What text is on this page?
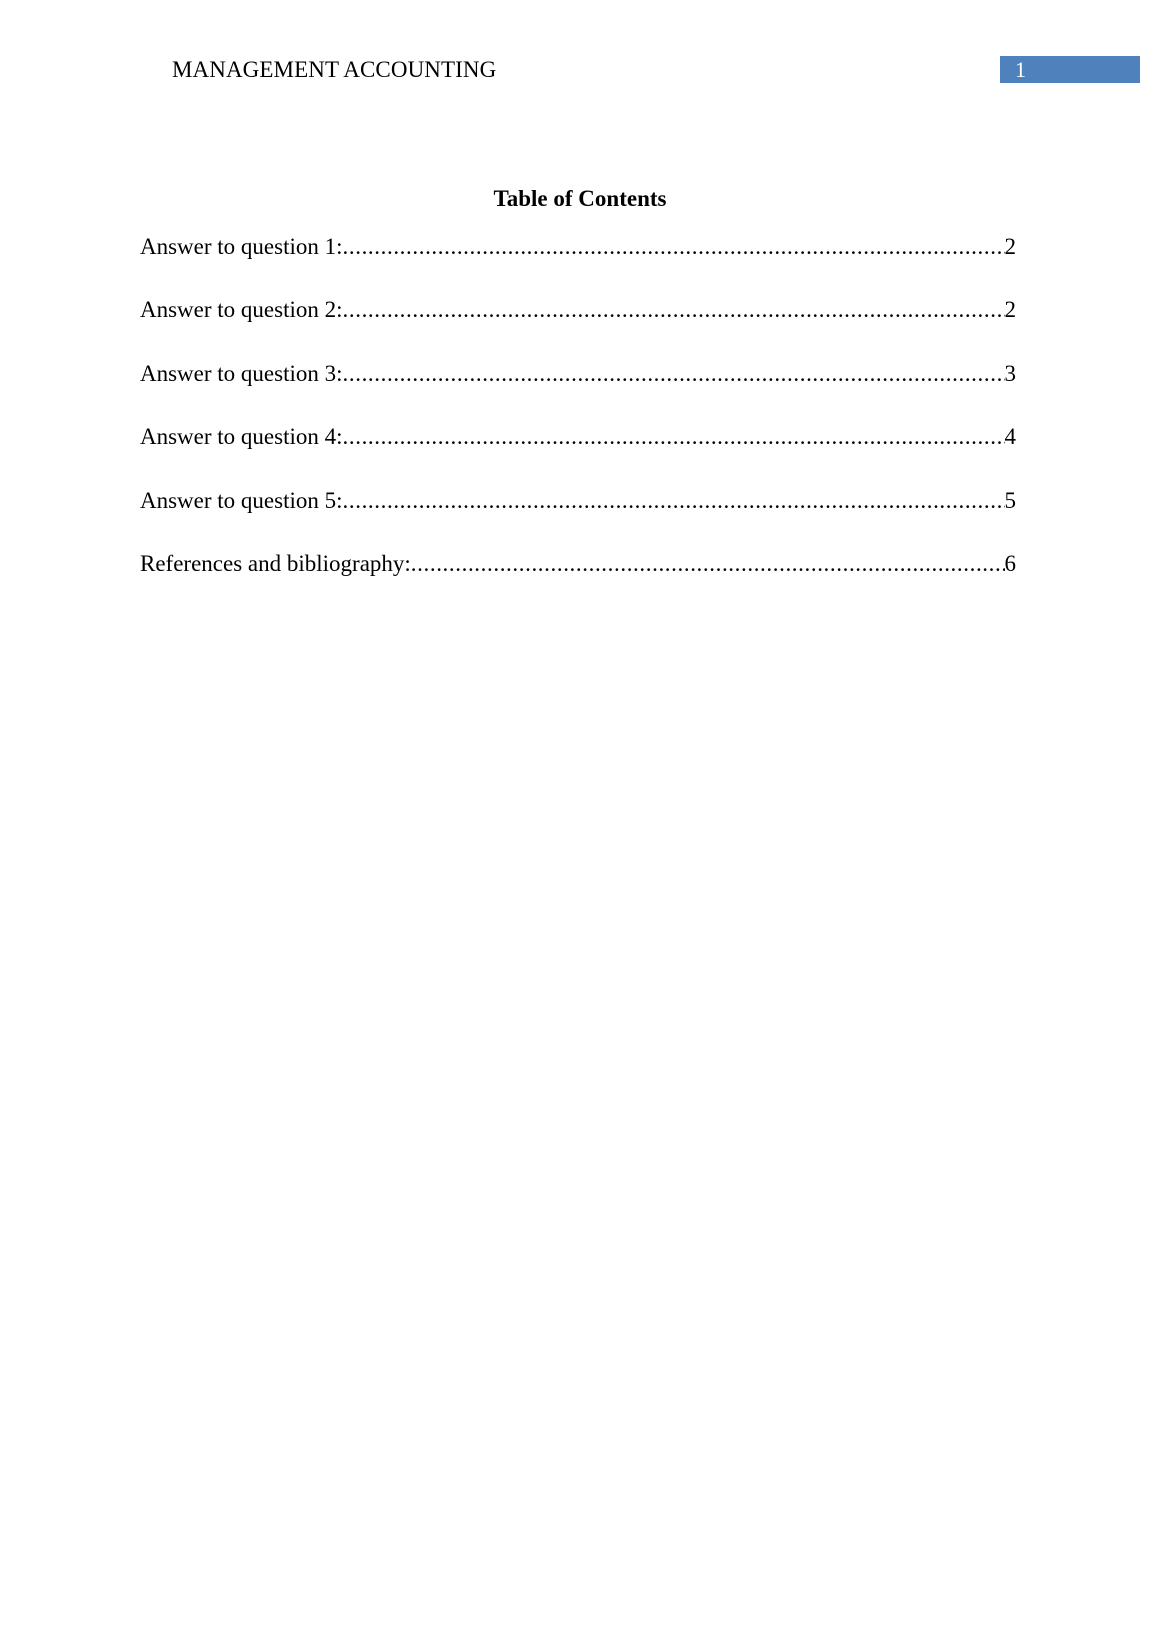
MANAGEMENT ACCOUNTING	1
Table of Contents
Answer to question 1: .....	2
Answer to question 2: .....	2
Answer to question 3: .....	3
Answer to question 4: .....	4
Answer to question 5: .....	5
References and bibliography: .....	6
